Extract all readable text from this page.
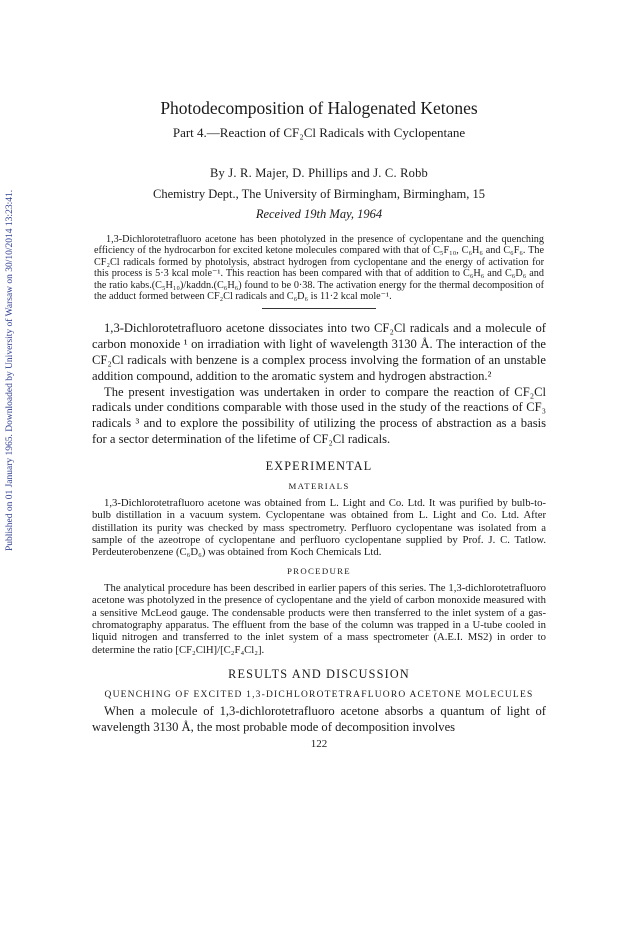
Published on 01 January 1965. Downloaded by University of Warsaw on 30/10/2014 13:23:41.
Photodecomposition of Halogenated Ketones

Part 4.—Reaction of CF₂Cl Radicals with Cyclopentane

By J. R. Majer, D. Phillips and J. C. Robb

Chemistry Dept., The University of Birmingham, Birmingham, 15

Received 19th May, 1964

1,3-Dichlorotetrafluoro acetone has been photolyzed in the presence of cyclopentane and the quenching efficiency of the hydrocarbon for excited ketone molecules compared with that of C₅F₁₀, C₆H₆ and C₆F₆. The CF₂Cl radicals formed by photolysis, abstract hydrogen from cyclopentane and the energy of activation for this process is 5·3 kcal mole⁻¹. This reaction has been compared with that of addition to C₆H₆ and C₆D₆ and the ratio kabs.(C₅H₁₀)/kaddn.(C₆H₆) found to be 0·38. The activation energy for the thermal decomposition of the adduct formed between CF₂Cl radicals and C₆D₆ is 11·2 kcal mole⁻¹.

1,3-Dichlorotetrafluoro acetone dissociates into two CF₂Cl radicals and a molecule of carbon monoxide ¹ on irradiation with light of wavelength 3130 Å. The interaction of the CF₂Cl radicals with benzene is a complex process involving the formation of an unstable addition compound, addition to the aromatic system and hydrogen abstraction.²

The present investigation was undertaken in order to compare the reaction of CF₂Cl radicals under conditions comparable with those used in the study of the reactions of CF₃ radicals ³ and to explore the possibility of utilizing the process of abstraction as a basis for a sector determination of the lifetime of CF₂Cl radicals.

EXPERIMENTAL

MATERIALS

1,3-Dichlorotetrafluoro acetone was obtained from L. Light and Co. Ltd. It was purified by bulb-to-bulb distillation in a vacuum system. Cyclopentane was obtained from L. Light and Co. Ltd. After distillation its purity was checked by mass spectrometry. Perfluoro cyclopentane was isolated from a sample of the azeotrope of cyclopentane and perfluoro cyclopentane supplied by Prof. J. C. Tatlow. Perdeuterobenzene (C₆D₆) was obtained from Koch Chemicals Ltd.

PROCEDURE

The analytical procedure has been described in earlier papers of this series. The 1,3-dichlorotetrafluoro acetone was photolyzed in the presence of cyclopentane and the yield of carbon monoxide measured with a sensitive McLeod gauge. The condensable products were then transferred to the inlet system of a gas-chromatography apparatus. The effluent from the base of the column was trapped in a U-tube cooled in liquid nitrogen and transferred to the inlet system of a mass spectrometer (A.E.I. MS2) in order to determine the ratio [CF₂ClH]/[C₂F₄Cl₂].

RESULTS AND DISCUSSION

QUENCHING OF EXCITED 1,3-DICHLOROTETRAFLUORO ACETONE MOLECULES

When a molecule of 1,3-dichlorotetrafluoro acetone absorbs a quantum of light of wavelength 3130 Å, the most probable mode of decomposition involves

122
